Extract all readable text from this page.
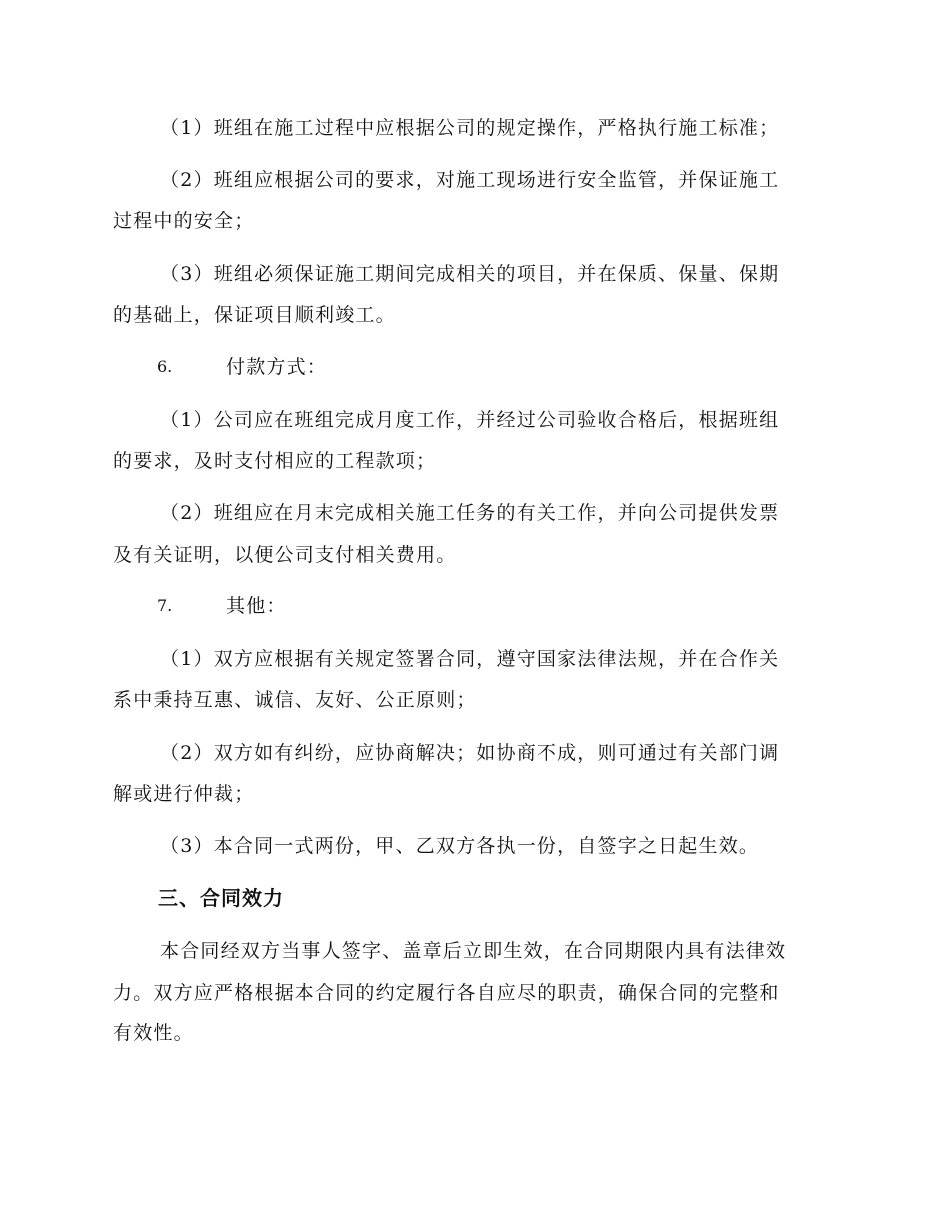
（1）班组在施工过程中应根据公司的规定操作，严格执行施工标准；
（2）班组应根据公司的要求，对施工现场进行安全监管，并保证施工
过程中的安全；
（3）班组必须保证施工期间完成相关的项目，并在保质、保量、保期
的基础上，保证项目顺利竣工。
6.	付款方式：
（1）公司应在班组完成月度工作，并经过公司验收合格后，根据班组
的要求，及时支付相应的工程款项；
（2）班组应在月末完成相关施工任务的有关工作，并向公司提供发票
及有关证明，以便公司支付相关费用。
7.	其他：
（1）双方应根据有关规定签署合同，遵守国家法律法规，并在合作关
系中秉持互惠、诚信、友好、公正原则；
（2）双方如有纠纷，应协商解决；如协商不成，则可通过有关部门调
解或进行仲裁；
（3）本合同一式两份，甲、乙双方各执一份，自签字之日起生效。
三、合同效力
本合同经双方当事人签字、盖章后立即生效，在合同期限内具有法律效
力。双方应严格根据本合同的约定履行各自应尽的职责，确保合同的完整和
有效性。
